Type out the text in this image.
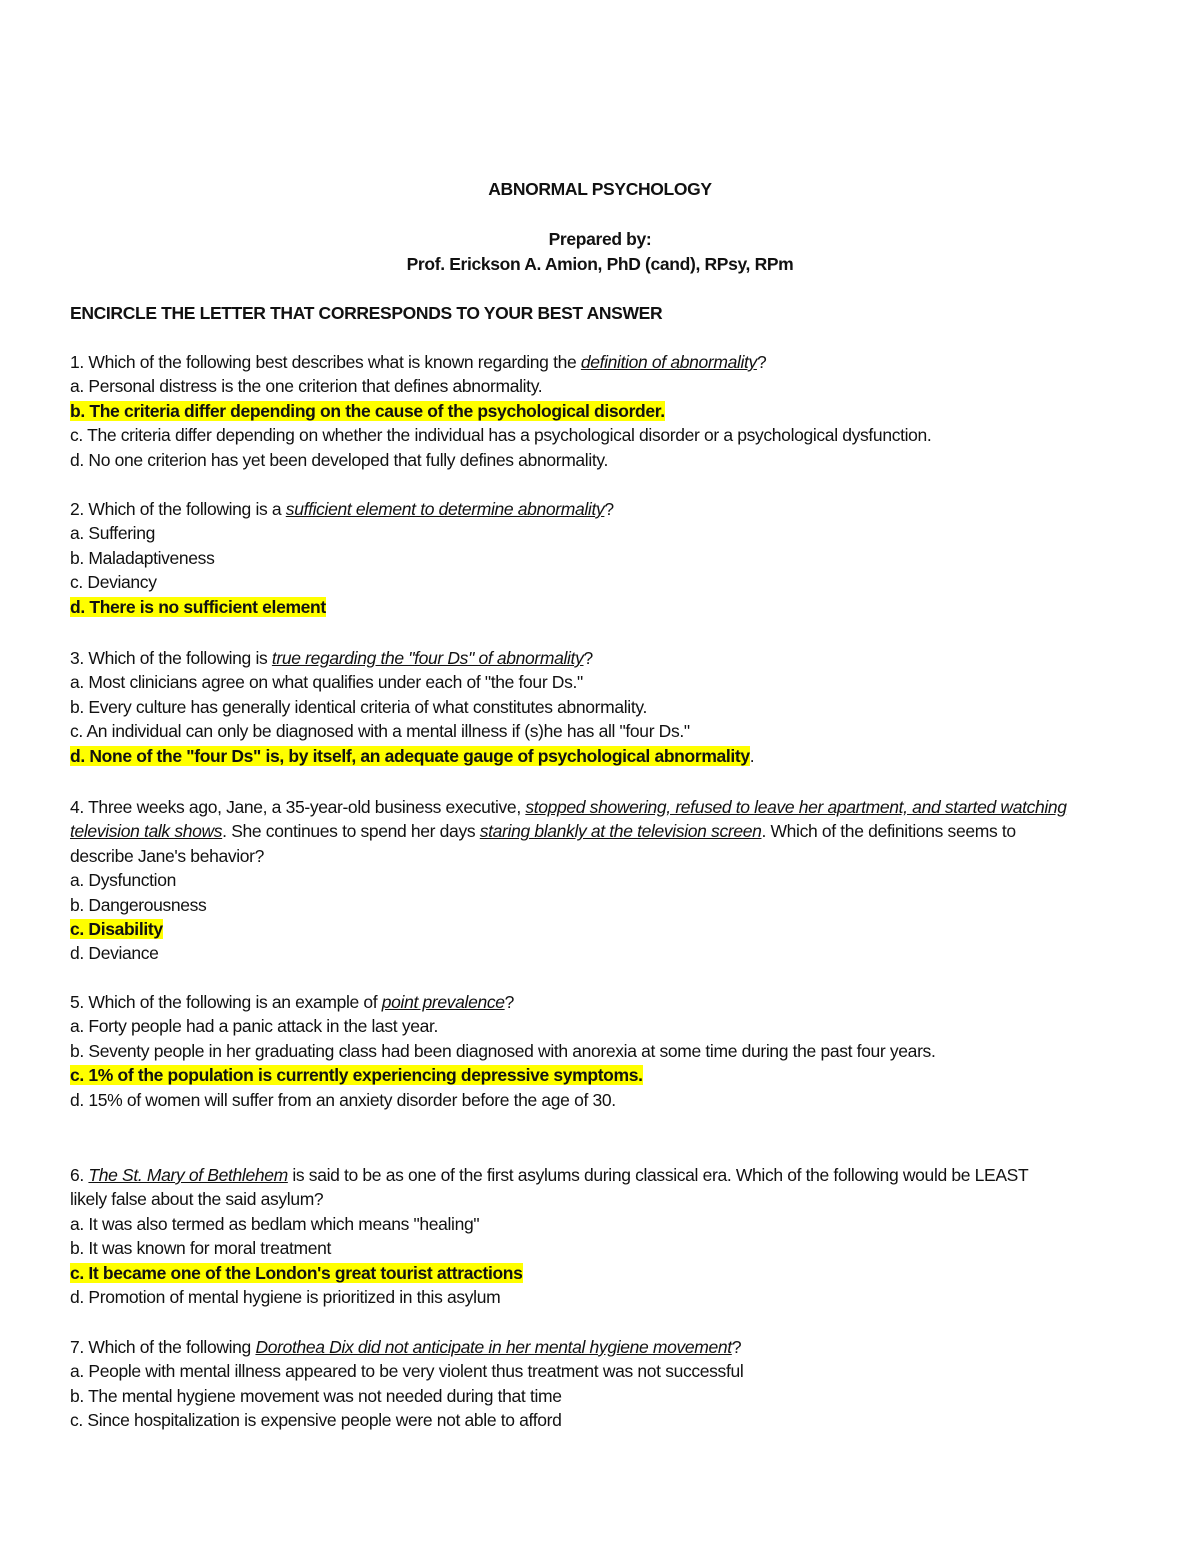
ABNORMAL PSYCHOLOGY
Prepared by:
Prof. Erickson A. Amion, PhD (cand), RPsy, RPm
ENCIRCLE THE LETTER THAT CORRESPONDS TO YOUR BEST ANSWER
1. Which of the following best describes what is known regarding the definition of abnormality?
a. Personal distress is the one criterion that defines abnormality.
b. The criteria differ depending on the cause of the psychological disorder.
c. The criteria differ depending on whether the individual has a psychological disorder or a psychological dysfunction.
d. No one criterion has yet been developed that fully defines abnormality.
2. Which of the following is a sufficient element to determine abnormality?
a. Suffering
b. Maladaptiveness
c. Deviancy
d. There is no sufficient element
3. Which of the following is true regarding the "four Ds" of abnormality?
a. Most clinicians agree on what qualifies under each of "the four Ds."
b. Every culture has generally identical criteria of what constitutes abnormality.
c. An individual can only be diagnosed with a mental illness if (s)he has all "four Ds."
d. None of the "four Ds" is, by itself, an adequate gauge of psychological abnormality.
4. Three weeks ago, Jane, a 35-year-old business executive, stopped showering, refused to leave her apartment, and started watching
television talk shows. She continues to spend her days staring blankly at the television screen. Which of the definitions seems to
describe Jane's behavior?
a. Dysfunction
b. Dangerousness
c. Disability
d. Deviance
5. Which of the following is an example of point prevalence?
a. Forty people had a panic attack in the last year.
b. Seventy people in her graduating class had been diagnosed with anorexia at some time during the past four years.
c. 1% of the population is currently experiencing depressive symptoms.
d. 15% of women will suffer from an anxiety disorder before the age of 30.
6. The St. Mary of Bethlehem is said to be as one of the first asylums during classical era. Which of the following would be LEAST
likely false about the said asylum?
a. It was also termed as bedlam which means "healing"
b. It was known for moral treatment
c. It became one of the London's great tourist attractions
d. Promotion of mental hygiene is prioritized in this asylum
7. Which of the following Dorothea Dix did not anticipate in her mental hygiene movement?
a. People with mental illness appeared to be very violent thus treatment was not successful
b. The mental hygiene movement was not needed during that time
c. Since hospitalization is expensive people were not able to afford
